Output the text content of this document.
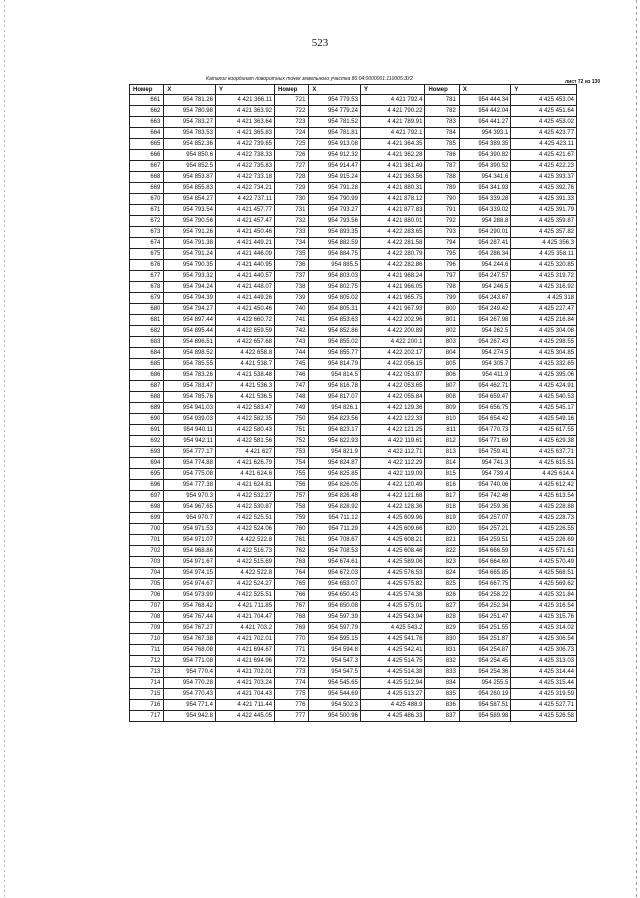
523
Каталог координат поворотных точек земельного участка 86:04:0000001:110005:ЗУ2	лист 72 из 130
Номер	X	Y	Номер	X	Y	Номер	X	Y
661	954 781.26	4 421 366.11	721	954 779.53	4 421 792.4	781	954 444.34	4 425 453.04
662	954 780.98	4 421 363.92	722	954 779.24	4 421 790.22	782	954 442.04	4 425 451.64
663	954 783.27	4 421 363.64	723	954 781.52	4 421 789.91	783	954 441.27	4 425 453.02
664	954 783.53	4 421 365.83	724	954 781.81	4 421 792.1	784	954 393.1	4 425 423.77
665	954 852.36	4 422 739.65	725	954 913.08	4 421 364.35	785	954 389.35	4 425 423.11
666	954 850.6	4 422 738.33	726	954 912.32	4 421 362.28	786	954 390.82	4 425 421.67
667	954 852.5	4 422 735.83	727	954 914.47	4 421 361.49	787	954 390.52	4 425 422.23
668	954 853.87	4 422 733.18	728	954 915.24	4 421 363.56	788	954 341.6	4 425 393.37
669	954 855.83	4 422 734.21	729	954 791.28	4 421 880.31	789	954 341.93	4 425 392.76
670	954 854.27	4 422 737.11	730	954 790.99	4 421 878.12	790	954 339.28	4 425 391.33
671	954 793.54	4 421 457.77	731	954 793.27	4 421 877.83	791	954 339.02	4 425 391.79
672	954 790.56	4 421 457.47	732	954 793.56	4 421 880.01	792	954 288.8	4 425 359.87
673	954 791.26	4 421 450.46	733	954 893.35	4 422 283.65	793	954 290.01	4 425 357.82
674	954 791.38	4 421 449.21	734	954 882.59	4 422 281.58	794	954 287.41	4 425 356.3
675	954 791.24	4 421 446.09	735	954 884.75	4 422 280.79	795	954 286.34	4 425 358.11
676	954 790.35	4 421 440.95	736	954 885.5	4 422 282.86	796	954 244.6	4 425 320.85
677	954 793.32	4 421 440.57	737	954 803.03	4 421 968.24	797	954 247.57	4 425 319.72
678	954 794.24	4 421 448.07	738	954 802.75	4 421 966.05	798	954 246.5	4 425 316.92
679	954 794.39	4 421 449.26	739	954 805.02	4 421 965.75	799	954 243.67	4 425 318
680	954 794.27	4 421 450.46	740	954 805.31	4 421 967.93	800	954 249.42	4 425 227.47
681	954 897.44	4 422 660.72	741	954 853.63	4 422 202.96	801	954 267.98	4 425 216.84
682	954 895.44	4 422 659.59	742	954 852.86	4 422 200.89	802	954 262.5	4 425 304.08
683	954 896.51	4 422 657.68	743	954 855.02	4 422 200.1	803	954 267.43	4 425 298.55
684	954 898.52	4 422 658.8	744	954 855.77	4 422 202.17	804	954 274.5	4 425 304.85
685	954 785.55	4 421 538.7	745	954 814.79	4 422 056.15	805	954 305.7	4 425 332.65
686	954 783.26	4 421 538.48	746	954 814.5	4 422 053.97	806	954 411.9	4 425 395.06
687	954 783.47	4 421 536.3	747	954 816.78	4 422 053.65	807	954 462.71	4 425 424.91
688	954 785.76	4 421 536.5	748	954 817.07	4 422 055.84	808	954 659.47	4 425 540.53
689	954 941.03	4 422 583.47	749	954 826.1	4 422 129.36	809	954 656.75	4 425 545.17
690	954 939.03	4 422 582.35	750	954 823.56	4 422 122.33	810	954 654.42	4 425 549.16
691	954 940.11	4 422 580.43	751	954 823.17	4 422 121.25	811	954 770.73	4 425 617.55
692	954 942.11	4 422 581.56	752	954 822.93	4 422 119.61	812	954 771.69	4 425 629.38
693	954 777.17	4 421 627	753	954 821.9	4 422 112.71	813	954 759.41	4 425 637.71
694	954 774.88	4 421 626.79	754	954 824.87	4 422 112.29	814	954 741.3	4 425 615.51
695	954 775.08	4 421 624.6	755	954 825.85	4 422 119.09	815	954 739.4	4 425 614.4
696	954 777.38	4 421 624.81	756	954 826.05	4 422 120.49	816	954 740.06	4 425 612.42
697	954 970.3	4 422 532.27	757	954 826.48	4 422 121.68	817	954 742.46	4 425 613.54
698	954 967.65	4 422 530.87	758	954 828.92	4 422 128.36	818	954 259.36	4 425 228.88
699	954 970.7	4 422 525.51	759	954 711.12	4 425 609.96	819	954 257.07	4 425 228.73
700	954 971.53	4 422 524.06	760	954 711.29	4 425 609.66	820	954 257.21	4 425 226.55
701	954 971.07	4 422 522.8	761	954 708.67	4 425 608.21	821	954 259.51	4 425 226.69
702	954 968.86	4 422 516.73	762	954 708.53	4 425 608.46	822	954 666.59	4 425 571.61
703	954 971.67	4 422 515.69	763	954 674.61	4 425 589.06	823	954 664.69	4 425 570.49
704	954 974.15	4 422 522.8	764	954 672.03	4 425 576.53	824	954 665.85	4 425 568.51
705	954 974.67	4 422 524.27	765	954 653.07	4 425 575.82	825	954 667.75	4 425 569.62
706	954 973.99	4 422 525.51	766	954 650.43	4 425 574.38	826	954 258.22	4 425 321.84
707	954 768.42	4 421 711.85	767	954 650.08	4 425 575.01	827	954 252.34	4 425 316.54
708	954 767.44	4 421 704.47	768	954 597.39	4 425 543.94	828	954 251.47	4 425 315.76
709	954 767.27	4 421 703.2	769	954 597.79	4 425 543.2	829	954 251.55	4 425 314.02
710	954 767.38	4 421 702.01	770	954 595.15	4 425 541.76	830	954 251.87	4 425 306.54
711	954 768.08	4 421 694.67	771	954 594.8	4 425 542.41	831	954 254.87	4 425 306.73
712	954 771.08	4 421 694.96	772	954 547.3	4 425 514.75	832	954 254.45	4 425 313.03
713	954 770.4	4 421 702.01	773	954 547.5	4 425 514.38	833	954 254.36	4 425 314.44
714	954 770.28	4 421 703.24	774	954 545.65	4 425 512.94	834	954 255.5	4 425 315.44
715	954 770.43	4 421 704.43	775	954 544.69	4 425 513.27	835	954 260.19	4 425 319.59
716	954 771.4	4 421 711.44	776	954 502.3	4 425 488.9	836	954 587.51	4 425 527.71
717	954 942.8	4 422 445.05	777	954 500.96	4 425 486.33	837	954 589.98	4 425 526.58
